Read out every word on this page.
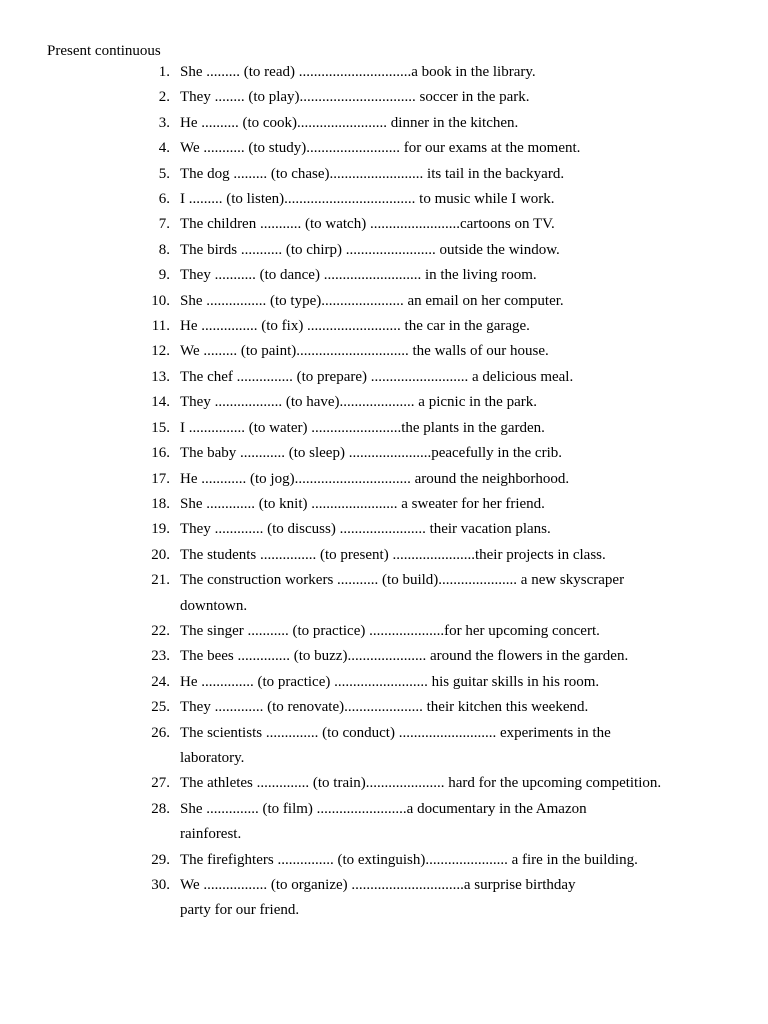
Present continuous
1. She ......... (to read) ..............................a book in the library.
2. They ........ (to play)............................... soccer in the park.
3. He .......... (to cook)........................ dinner in the kitchen.
4. We ........... (to study)......................... for our exams at the moment.
5. The dog ......... (to chase)......................... its tail in the backyard.
6. I ......... (to listen)................................... to music while I work.
7. The children ........... (to watch) ........................cartoons on TV.
8. The birds ........... (to chirp) ........................ outside the window.
9. They ........... (to dance) .......................... in the living room.
10. She ................ (to type)...................... an email on her computer.
11. He ............... (to fix) ......................... the car in the garage.
12. We ......... (to paint).............................. the walls of our house.
13. The chef ............... (to prepare) .......................... a delicious meal.
14. They .................. (to have).................... a picnic in the park.
15. I ............... (to water) ........................the plants in the garden.
16. The baby ............ (to sleep) ......................peacefully in the crib.
17. He ............ (to jog)............................... around the neighborhood.
18. She ............. (to knit) ....................... a sweater for her friend.
19. They ............. (to discuss) ....................... their vacation plans.
20. The students ............... (to present) ......................their projects in class.
21. The construction workers ........... (to build)..................... a new skyscraper
downtown.
22. The singer ........... (to practice) ....................for her upcoming concert.
23. The bees .............. (to buzz)..................... around the flowers in the garden.
24. He .............. (to practice) ......................... his guitar skills in his room.
25. They ............. (to renovate)..................... their kitchen this weekend.
26. The scientists .............. (to conduct) .......................... experiments in the
laboratory.
27. The athletes .............. (to train)..................... hard for the upcoming competition.
28. She .............. (to film) ........................a documentary in the Amazon
rainforest.
29. The firefighters ............... (to extinguish)...................... a fire in the building.
30. We ................. (to organize) ..............................a surprise birthday
party for our friend.
